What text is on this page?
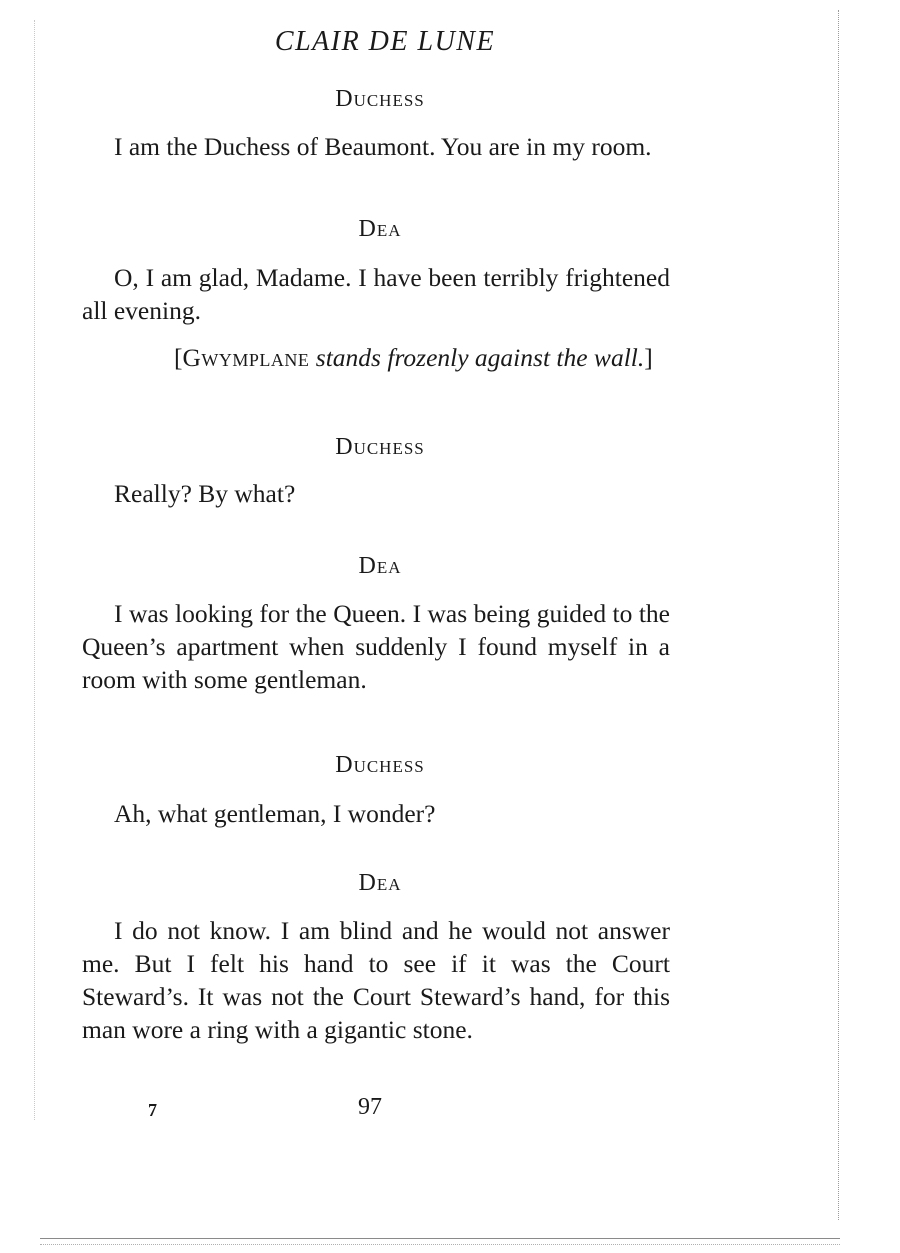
CLAIR DE LUNE
Duchess

I am the Duchess of Beaumont. You are in my room.

Dea

O, I am glad, Madame. I have been terribly frightened all evening.

[Gwymplane stands frozenly against the wall.]

Duchess

Really? By what?

Dea

I was looking for the Queen. I was being guided to the Queen’s apartment when suddenly I found myself in a room with some gentleman.

Duchess

Ah, what gentleman, I wonder?

Dea

I do not know. I am blind and he would not answer me. But I felt his hand to see if it was the Court Steward’s. It was not the Court Steward’s hand, for this man wore a ring with a gigantic stone.

7	97
